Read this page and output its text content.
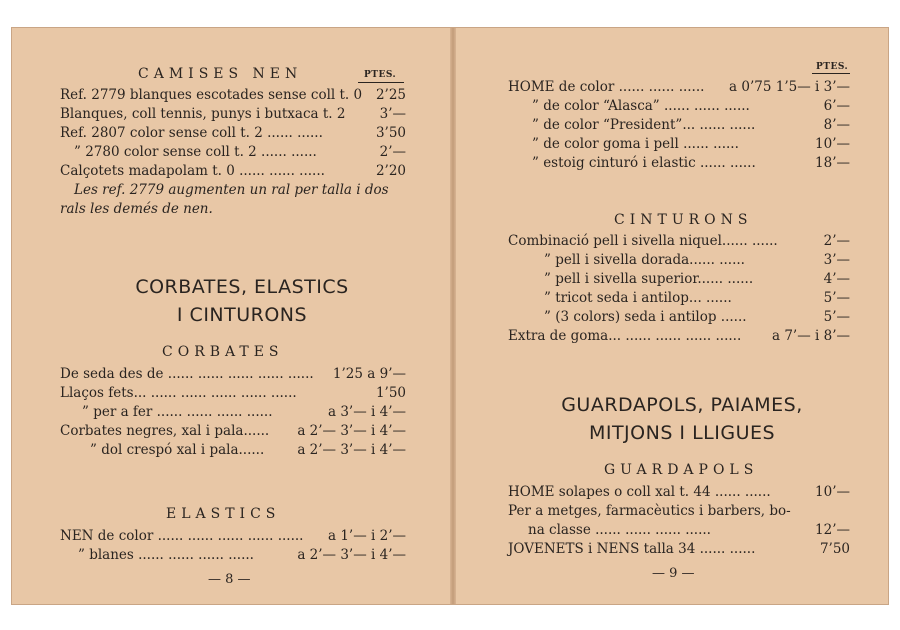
CAMISES NEN	PTES.
Ref. 2779 blanques escotades sense coll t. 0 2’25
Blanques, coll tennis, punys i butxaca t. 2	3’—
Ref. 2807 color sense coll t. 2 ...... ......	3’50
” 2780 color sense coll t. 2 ...... ......	2’—
Calçotets madapolam t. 0 ...... ...... ......	2’20
Les ref. 2779 augmenten un ral per talla i dos
rals les demés de nen.
CORBATES, ELASTICS
I CINTURONS
CORBATES
De seda des de ...... ...... ...... ...... ...... 1’25 a 9’—
Llaços fets... ...... ...... ...... ...... ......	1’50
” per a fer ...... ...... ...... ......	a 3’— i 4’—
Corbates negres, xal i pala...... a 2’— 3’— i 4’—
” dol crespó xal i pala...... a 2’— 3’— i 4’—
ELASTICS
NEN de color ...... ...... ...... ...... ...... a 1’— i 2’—
” blanes ...... ...... ...... ......	a 2’— 3’— i 4’—
— 8 —
PTES.
HOME de color ...... ...... ...... a 0’75 1’5— i 3’—
” de color “Alasca” ...... ...... ......	6’—
” de color “President”... ...... ......	8’—
” de color goma i pell ...... ......	10’—
” estoig cinturó i elastic ...... ......	18’—
CINTURONS
Combinació pell i sivella niquel...... ......	2’—
” pell i sivella dorada...... ......	3’—
” pell i sivella superior...... ......	4’—
” tricot seda i antilop... ......	5’—
” (3 colors) seda i antilop ......	5’—
Extra de goma... ...... ...... ...... ...... a 7’— i 8’—
GUARDAPOLS, PAIAMES,
MITJONS I LLIGUES
GUARDAPOLS
HOME solapes o coll xal t. 44 ...... ......	10’—
Per a metges, farmacèutics i barbers, bo-
na classe ...... ...... ...... ......	12’—
JOVENETS i NENS talla 34 ...... ......	7’50
— 9 —
